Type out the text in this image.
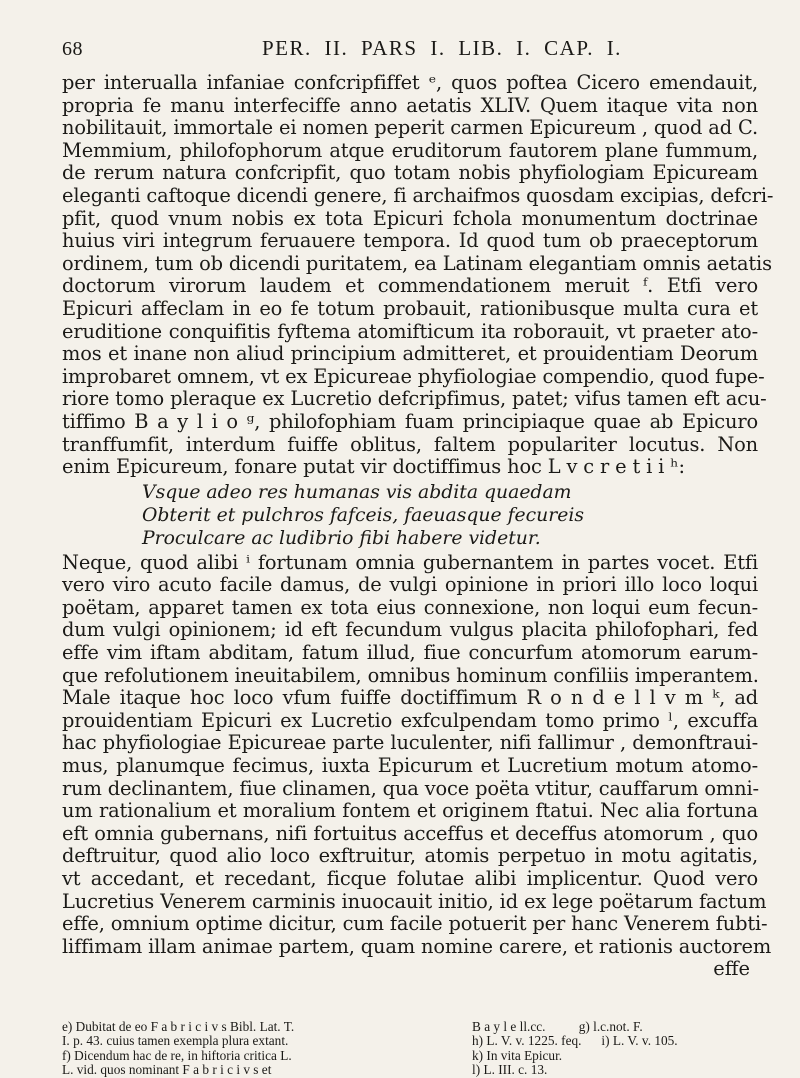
68	PER. II. PARS I. LIB. I. CAP. I.
per interualla infaniae confcripfiffet ᵉ, quos poftea Cicero emendauit,
propria fe manu interfeciffe anno aetatis XLIV. Quem itaque vita non
nobilitauit, immortale ei nomen peperit carmen Epicureum , quod ad C.
Memmium, philofophorum atque eruditorum fautorem plane fummum,
de rerum natura confcripfit, quo totam nobis phyfiologiam Epicuream
eleganti caftoque dicendi genere, fi archaifmos quosdam excipias, defcri-
pfit, quod vnum nobis ex tota Epicuri fchola monumentum doctrinae
huius viri integrum feruauere tempora. Id quod tum ob praeceptorum
ordinem, tum ob dicendi puritatem, ea Latinam elegantiam omnis aetatis
doctorum virorum laudem et commendationem meruit ᶠ. Etfi vero
Epicuri affeclam in eo fe totum probauit, rationibusque multa cura et
eruditione conquifitis fyftema atomifticum ita roborauit, vt praeter ato-
mos et inane non aliud principium admitteret, et prouidentiam Deorum
improbaret omnem, vt ex Epicureae phyfiologiae compendio, quod fupe-
riore tomo pleraque ex Lucretio defcripfimus, patet; vifus tamen eft acu-
tiffimo B a y l i o ᵍ, philofophiam fuam principiaque quae ab Epicuro
tranffumfit, interdum fuiffe oblitus, faltem populariter locutus. Non
enim Epicureum, fonare putat vir doctiffimus hoc L v c r e t i i ʰ:
Vsque adeo res humanas vis abdita quaedam
Obterit et pulchros fafceis, faeuasque fecureis
Proculcare ac ludibrio fibi habere videtur.
Neque, quod alibi ⁱ fortunam omnia gubernantem in partes vocet. Etfi
vero viro acuto facile damus, de vulgi opinione in priori illo loco loqui
poëtam, apparet tamen ex tota eius connexione, non loqui eum fecun-
dum vulgi opinionem; id eft fecundum vulgus placita philofophari, fed
effe vim iftam abditam, fatum illud, fiue concurfum atomorum earum-
que refolutionem ineuitabilem, omnibus hominum confiliis imperantem.
Male itaque hoc loco vfum fuiffe doctiffimum R o n d e l l v m ᵏ, ad
prouidentiam Epicuri ex Lucretio exfculpendam tomo primo ˡ, excuffa
hac phyfiologiae Epicureae parte luculenter, nifi fallimur , demonftraui-
mus, planumque fecimus, iuxta Epicurum et Lucretium motum atomo-
rum declinantem, fiue clinamen, qua voce poëta vtitur, cauffarum omni-
um rationalium et moralium fontem et originem ftatui. Nec alia fortuna
eft omnia gubernans, nifi fortuitus acceffus et deceffus atomorum , quo
deftruitur, quod alio loco exftruitur, atomis perpetuo in motu agitatis,
vt accedant, et recedant, ficque folutae alibi implicentur. Quod vero
Lucretius Venerem carminis inuocauit initio, id ex lege poëtarum factum
effe, omnium optime dicitur, cum facile potuerit per hanc Venerem fubti-
liffimam illam animae partem, quam nomine carere, et rationis auctorem
effe
e) Dubitat de eo F a b r i c i v s Bibl. Lat. T.
I. p. 43. cuius tamen exempla plura extant.
f) Dicendum hac de re, in hiftoria critica L.
L. vid. quos nominant F a b r i c i v s et
B a y l e ll.cc.          g) l.c.not. F.
h) L. V. v. 1225. feq.      i) L. V. v. 105.
k) In vita Epicur.
l) L. III. c. 13.
